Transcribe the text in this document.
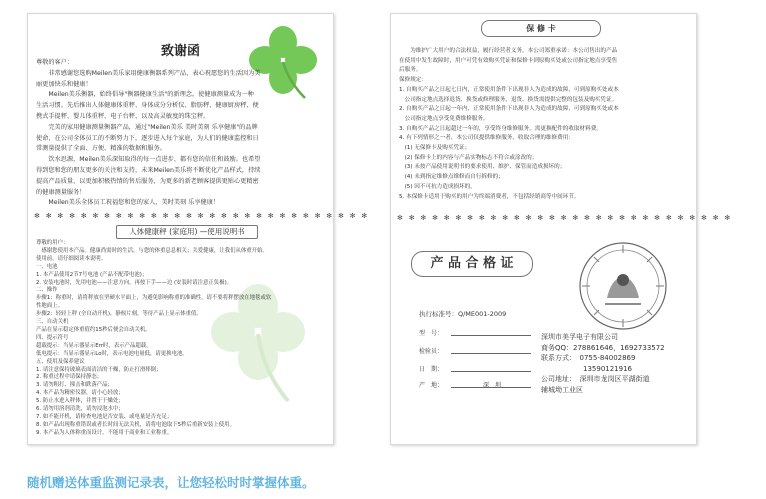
致谢函

尊敬的客户：

　　非常感谢您选购Meilen美乐家用健康衡器系列产品，表心祝愿您的生活因为美

丽更加快乐和健康！

　　Meilen美乐衡器，始终倡导"衡器健康生活"的新理念。使健康测量成为一种

生活习惯。先后推出人体健康体重秤、身体成分分析仪、脂肪秤、健康厨房秤、便

携式手提秤、婴儿体重秤、电子台秤、以及高灵敏度的珠宝秤。

　　完美的家用健康测量衡器产品，通过"Meilen美乐 美时美刻 乐享健康"的品牌

使命，在公司全体员工的不断努力下，逐步进入每个家庭，为人们的健康监控和日

常测量提供了全面、方便、精准的数据和服务。

　　饮水思源，Meilen美乐深知取得的每一点进步，都有您的信任和鼓励。也希望

得到您和您的朋友更多的关注和支持，未来Meilen美乐将不断优化产品样式，持续

提高产品质量，以更加积极热情的售后服务，为更多的新老顾客提供更贴心更精密

的健康测量服务！

　　Meilen美乐全体员工祝福您和您的家人，美时美刻 乐享健康！

✻ ✻ ✻ ✻ ✻ ✻ ✻ ✻ ✻ ✻ ✻ ✻ ✻ ✻ ✻ ✻ ✻ ✻ ✻ ✻ ✻ ✻ ✻ ✻ ✻ ✻ ✻ ✻ ✻
人体健康秤 (家庭用) —使用说明书

尊敬的用户：

　感谢您使用本产品。健康尚需时的生活，与您的体重息息相关；关爱健康，让我们从体重开始。

使用前，请仔细阅读本说明。

一、电池

1. 本产品使用2节7号电池 (产品不配带电池)；

2. 安装电池时，先用电池——注意方向，再按下手——边 (安装时请注意正负极)。

二、操作

步骤1：称重时，请将秤放在坚硬水平面上，为避免影响称重的准确性，请不要将秤摆放在地毯或软

性地面上。

步骤2：轻轻上秤 (全自动开机)，静候片刻，等待产品上显示体重值。

三、自动关机

产品在显示稳定体重值约15秒后便会自动关机。

四、提示符号

超载提示：当显示器显示Err时，表示产品超载。

低电提示：当显示器显示Lo时，表示电池电量低，请更换电池。

五、使用及保养建议

1. 请注意保持玻璃表面清洁的干燥，防止打滑摔倒；

2. 称重过程中请保持静态；

3. 请勿粗打、撞击和跌落产品；

4. 本产品为精密仪器，请小心轻放；

5. 防止水进入秤体，并置于干燥处；

6. 请勿用溶剂清洗，请勿浸泡水中；

7. 如不能开机，请检查电池是否安装、或电量是否充足；

8. 如产品出现称重错误或者长时间无法关机，请将电池取下5秒后重新安装上使用。

9. 本产品为人体称重而设计，不能用于商业和工业称重。

保 修 卡

　　为维护广大用户的合法权益，履行经营者义务，本公司郑重承诺：本公司售出的产品

在使用中发生故障时，用户可凭有效购买凭证和保修卡到原购买处或公司指定地点享受售

后服务。

保修规定：

1. 自购买产品之日起七日内，正常使用条件下出现非人为造成的故障，可到原购买处或本

　公司指定地点选择退货、换货或修理服务，退货、换货需提供完整的包装及购买凭证。

2. 自购买产品之日起一年内，正常使用条件下出现非人为造成的故障，可到原购买处或本

　公司指定地点享受免费维修服务。

3. 自购买产品之日起超过一年的，享受终身维修服务，需更换配件的收取材料费。

4. 有下列情形之一者，本公司仅提供维修服务，收取合理的维修费用：

　(1) 无保修卡及购买凭证；

　(2) 保修卡上的内容与产品实物标志不符合或涂改的；

　(3) 未按产品使用说明书的要求使用、维护、保管而造成损坏的；

　(4) 未到指定维修点维修而自行拆修的；

　(5) 因不可抗力造成损坏的。

5. 本保修卡适用于购买的用户为终端消费者，不包括经销商等中间环节。

✻ ✻ ✻ ✻ ✻ ✻ ✻ ✻ ✻ ✻ ✻ ✻ ✻ ✻ ✻ ✻ ✻ ✻ ✻ ✻ ✻ ✻ ✻ ✻ ✻ ✻ ✻ ✻ ✻
产 品 合 格 证
执行标准号：Q/ME001-2009
型　号：
检验员：
日　期：
产　地：	深　圳

深圳市美孚电子有限公司

商务QQ：278861646，1692733572

联系方式：　0755-84002869

　　　　　　13590121916

公司地址：　深圳市龙岗区平湖街道

辅城坳工业区

随机赠送体重监测记录表，让您轻松时时掌握体重。
